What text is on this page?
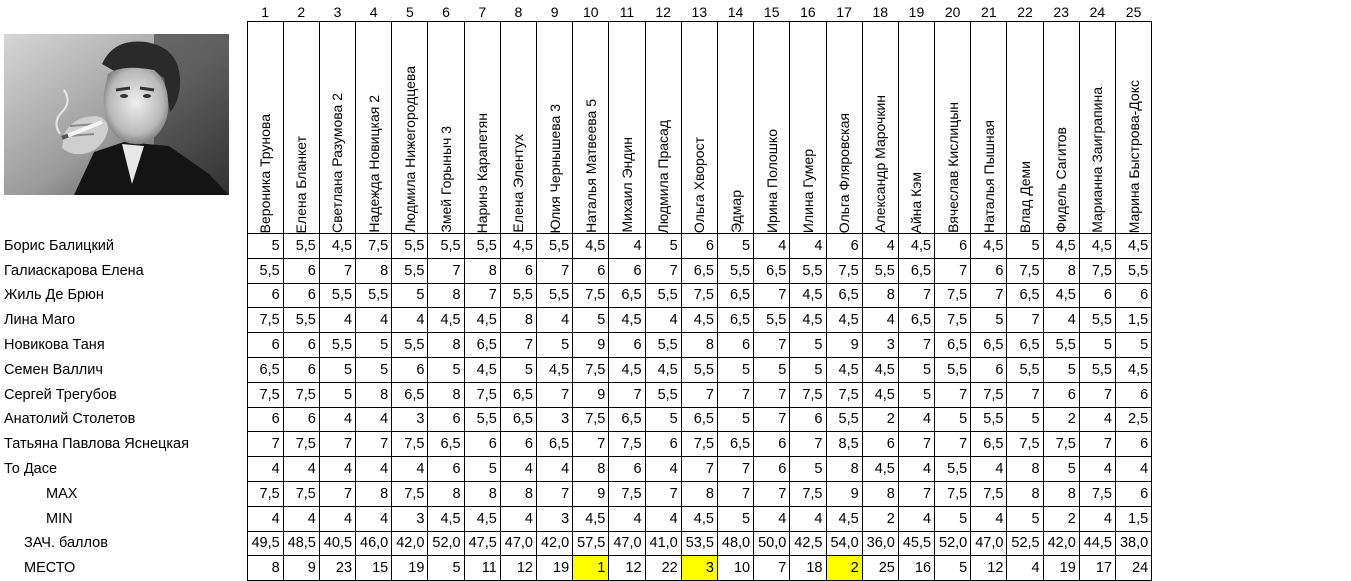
	1	2	3	4	5	6	7	8	9	10	11	12	13	14	15	16	17	18	19	20	21	22	23	24	25

	Вероника Трунова	Елена Бланкет	Светлана Разумова 2	Надежда Новицкая 2	Людмила Нижегородцева	Змей Горыныч 3	Наринэ Карапетян	Елена Элентух	Юлия Чернышева 3	Наталья Матвеева 5	Михаил Эндин	Людмила Прасад	Ольга Хворост	Эдмар	Ирина Полошко	Илина Гумер	Ольга Фляровская	Александр Марочкин	Айна Кэм	Вячеслав Кислицын	Наталья Пышная	Влад Деми	Фидель Сагитов	Марианна Заиграпина	Марина Быстрова-Докс

Борис Балицкий	5	5,5	4,5	7,5	5,5	5,5	5,5	4,5	5,5	4,5	4	5	6	5	4	4	6	4	4,5	6	4,5	5	4,5	4,5	4,5
Галиаскарова Елена	5,5	6	7	8	5,5	7	8	6	7	6	6	7	6,5	5,5	6,5	5,5	7,5	5,5	6,5	7	6	7,5	8	7,5	5,5
Жиль Де Брюн	6	6	5,5	5,5	5	8	7	5,5	5,5	7,5	6,5	5,5	7,5	6,5	7	4,5	6,5	8	7	7,5	7	6,5	4,5	6	6
Лина Маго	7,5	5,5	4	4	4	4,5	4,5	8	4	5	4,5	4	4,5	6,5	5,5	4,5	4,5	4	6,5	7,5	5	7	4	5,5	1,5
Новикова Таня	6	6	5,5	5	5,5	8	6,5	7	5	9	6	5,5	8	6	7	5	9	3	7	6,5	6,5	6,5	5,5	5	5
Семен Валлич	6,5	6	5	5	6	5	4,5	5	4,5	7,5	4,5	4,5	5,5	5	5	5	4,5	4,5	5	5,5	6	5,5	5	5,5	4,5
Сергей Трегубов	7,5	7,5	5	8	6,5	8	7,5	6,5	7	9	7	5,5	7	7	7	7,5	7,5	4,5	5	7	7,5	7	6	7	6
Анатолий Столетов	6	6	4	4	3	6	5,5	6,5	3	7,5	6,5	5	6,5	5	7	6	5,5	2	4	5	5,5	5	2	4	2,5
Татьяна Павлова Яснецкая	7	7,5	7	7	7,5	6,5	6	6	6,5	7	7,5	6	7,5	6,5	6	7	8,5	6	7	7	6,5	7,5	7,5	7	6
То Дасе	4	4	4	4	4	6	5	4	4	8	6	4	7	7	6	5	8	4,5	4	5,5	4	8	5	4	4
MAX	7,5	7,5	7	8	7,5	8	8	8	7	9	7,5	7	8	7	7	7,5	9	8	7	7,5	7,5	8	8	7,5	6
MIN	4	4	4	4	3	4,5	4,5	4	3	4,5	4	4	4,5	5	4	4	4,5	2	4	5	4	5	2	4	1,5
ЗАЧ. баллов	49,5	48,5	40,5	46,0	42,0	52,0	47,5	47,0	42,0	57,5	47,0	41,0	53,5	48,0	50,0	42,5	54,0	36,0	45,5	52,0	47,0	52,5	42,0	44,5	38,0
МЕСТО	8	9	23	15	19	5	11	12	19	1	12	22	3	10	7	18	2	25	16	5	12	4	19	17	24
